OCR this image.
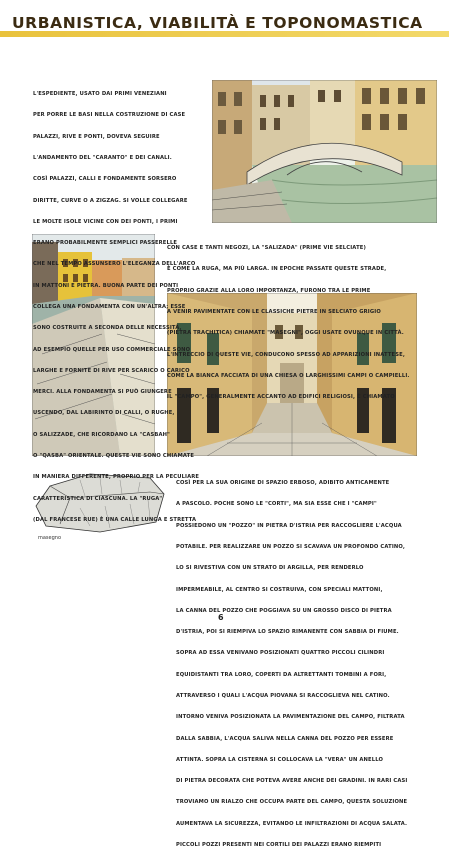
URBANISTICA, VIABILITÀ E TOPONOMASTICA
masegno

L'ESPEDIENTE, USATO DAI PRIMI VENEZIANI

PER PORRE LE BASI NELLA COSTRUZIONE DI CASE

PALAZZI, RIVE E PONTI, DOVEVA SEGUIRE

L'ANDAMENTO DEL "CARANTO" E DEI CANALI.

COSÌ PALAZZI, CALLI E FONDAMENTE SORSERO

DIRITTE, CURVE O A ZIGZAG. SI VOLLE COLLEGARE

LE MOLTE ISOLE VICINE CON DEI PONTI, I PRIMI

ERANO PROBABILMENTE SEMPLICI PASSERELLE

CHE NEL TEMPO ASSUNSERO L'ELEGANZA DELL'ARCO

IN MATTONI E PIETRA. BUONA PARTE DEI PONTI

COLLEGA UNA FONDAMENTA CON UN'ALTRA; ESSE

SONO COSTRUITE A SECONDA DELLE NECESSITÀ,

AD ESEMPIO QUELLE PER USO COMMERCIALE SONO

LARGHE E FORNITE DI RIVE PER SCARICO O CARICO

MERCI. ALLA FONDAMENTA SI PUÒ GIUNGERE

USCENDO, DAL LABIRINTO DI CALLI, O RUGHE,

O SALIZZADE, CHE RICORDANO LA "CASBAH"

O "QASBA" ORIENTALE. QUESTE VIE SONO CHIAMATE

IN MANIERA DIFFERENTE, PROPRIO PER LA PECULIARE

CARATTERISTICA DI CIASCUNA. LA "RUGA"

(DAL FRANCESE RUE) È UNA CALLE LUNGA E STRETTA

CON CASE E TANTI NEGOZI, LA "SALIZADA" (PRIME VIE SELCIATE)

È COME LA RUGA, MA PIÙ LARGA. IN EPOCHE PASSATE QUESTE STRADE,

PROPRIO GRAZIE ALLA LORO IMPORTANZA, FURONO TRA LE PRIME

A VENIR PAVIMENTATE CON LE CLASSICHE PIETRE IN SELCIATO GRIGIO

(PIETRA TRACHITICA) CHIAMATE "MASEGNI", OGGI USATE OVUNQUE IN CITTÀ.

L'INTRECCIO DI QUESTE VIE, CONDUCONO SPESSO AD APPARIZIONI INATTESE,

COME LA BIANCA FACCIATA DI UNA CHIESA O LARGHISSIMI CAMPI O CAMPIELLI.

IL "CAMPO", GENERALMENTE ACCANTO AD EDIFICI RELIGIOSI, È CHIAMATO

COSÌ PER LA SUA ORIGINE DI SPAZIO ERBOSO, ADIBITO ANTICAMENTE

A PASCOLO. POCHE SONO LE "CORTI", MA SIA ESSE CHE I "CAMPI"

POSSIEDONO UN "POZZO" IN PIETRA D'ISTRIA PER RACCOGLIERE L'ACQUA

POTABILE. PER REALIZZARE UN POZZO SI SCAVAVA UN PROFONDO CATINO,

LO SI RIVESTIVA CON UN STRATO DI ARGILLA, PER RENDERLO

IMPERMEABILE, AL CENTRO SI COSTRUIVA, CON SPECIALI MATTONI,

LA CANNA DEL POZZO CHE POGGIAVA SU UN GROSSO DISCO DI PIETRA

D'ISTRIA, POI SI RIEMPIVA LO SPAZIO RIMANENTE CON SABBIA DI FIUME.

SOPRA AD ESSA VENIVANO POSIZIONATI QUATTRO PICCOLI CILINDRI

EQUIDISTANTI TRA LORO, COPERTI DA ALTRETTANTI TOMBINI A FORI,

ATTRAVERSO I QUALI L'ACQUA PIOVANA SI RACCOGLIEVA NEL CATINO.

INTORNO VENIVA POSIZIONATA LA PAVIMENTAZIONE DEL CAMPO, FILTRATA

DALLA SABBIA, L'ACQUA SALIVA NELLA CANNA DEL POZZO PER ESSERE

ATTINTA. SOPRA LA CISTERNA SI COLLOCAVA LA "VERA" UN ANELLO

DI PIETRA DECORATA CHE POTEVA AVERE ANCHE DEI GRADINI. IN RARI CASI

TROVIAMO UN RIALZO CHE OCCUPA PARTE DEL CAMPO, QUESTA SOLUZIONE

AUMENTAVA LA SICUREZZA, EVITANDO LE INFILTRAZIONI DI ACQUA SALATA.

PICCOLI POZZI PRESENTI NEI CORTILI DEI PALAZZI ERANO RIEMPITI

6
